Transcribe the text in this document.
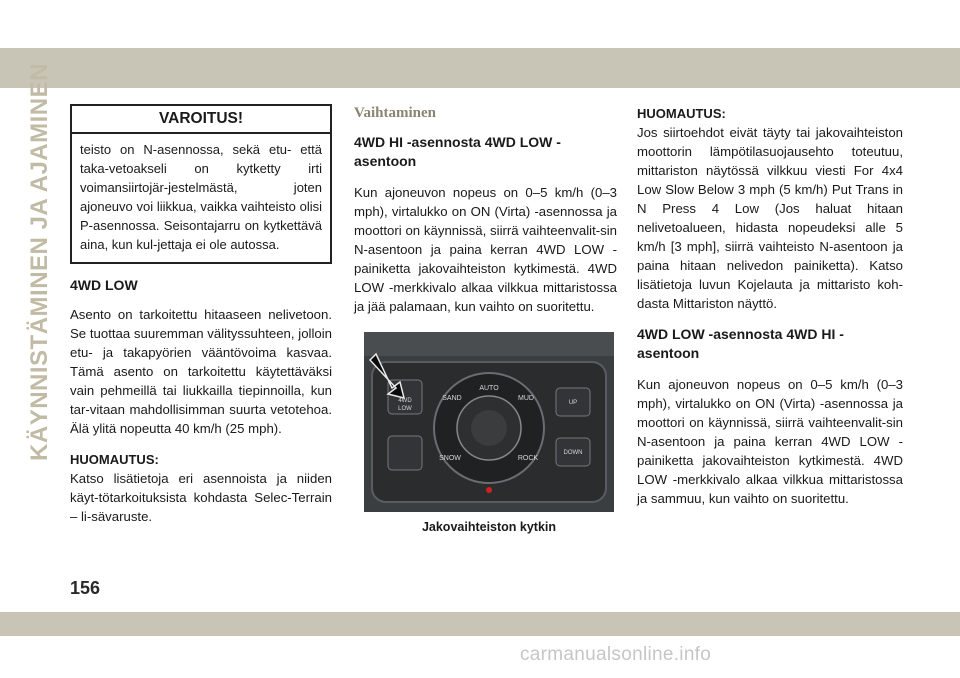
KÄYNNISTÄMINEN JA AJAMINEN	VAROITUS!
teisto on N-asennossa, sekä etu- että taka-vetoakseli on kytketty irti voimansiirtojär-jestelmästä, joten ajoneuvo voi liikkua, vaikka vaihteisto olisi P-asennossa. Seisontajarru on kytkettävä aina, kun kul-jettaja ei ole autossa.
4WD LOW

Asento on tarkoitettu hitaaseen nelivetoon. Se tuottaa suuremman välityssuhteen, jolloin etu- ja takapyörien vääntövoima kasvaa. Tämä asento on tarkoitettu käytettäväksi vain pehmeillä tai liukkailla tiepinnoilla, kun tar-vitaan mahdollisimman suurta vetotehoa. Älä ylitä nopeutta 40 km/h (25 mph).

HUOMAUTUS:

Katso lisätietoja eri asennoista ja niiden käyt-tötarkoituksista kohdasta Selec-Terrain – li-sävaruste.

Vaihtaminen
4WD HI -asennosta 4WD LOW -asentoon

Kun ajoneuvon nopeus on 0–5 km/h (0–3 mph), virtalukko on ON (Virta) -asennossa ja moottori on käynnissä, siirrä vaihteenvalit-sin N-asentoon ja paina kerran 4WD LOW -painiketta jakovaihteiston kytkimestä. 4WD LOW -merkkivalo alkaa vilkkua mittaristossa ja jää palamaan, kun vaihto on suoritettu.

AUTO
SAND	MUD
SNOW	ROCK
4WD LOW
UP
DOWN
Jakovaihteiston kytkin
HUOMAUTUS:

Jos siirtoehdot eivät täyty tai jakovaihteiston moottorin lämpötilasuojausehto toteutuu, mittariston näytössä vilkkuu viesti For 4x4 Low Slow Below 3 mph (5 km/h) Put Trans in N Press 4 Low (Jos haluat hitaan nelivetoalueen, hidasta nopeudeksi alle 5 km/h [3 mph], siirrä vaihteisto N-asentoon ja paina hitaan nelivedon painiketta). Katso lisätietoja luvun Kojelauta ja mittaristo koh-dasta Mittariston näyttö.

4WD LOW -asennosta 4WD HI -asentoon

Kun ajoneuvon nopeus on 0–5 km/h (0–3 mph), virtalukko on ON (Virta) -asennossa ja moottori on käynnissä, siirrä vaihteenvalit-sin N-asentoon ja paina kerran 4WD LOW -painiketta jakovaihteiston kytkimestä. 4WD LOW -merkkivalo alkaa vilkkua mittaristossa ja sammuu, kun vaihto on suoritettu.

156
carmanualsonline.info
